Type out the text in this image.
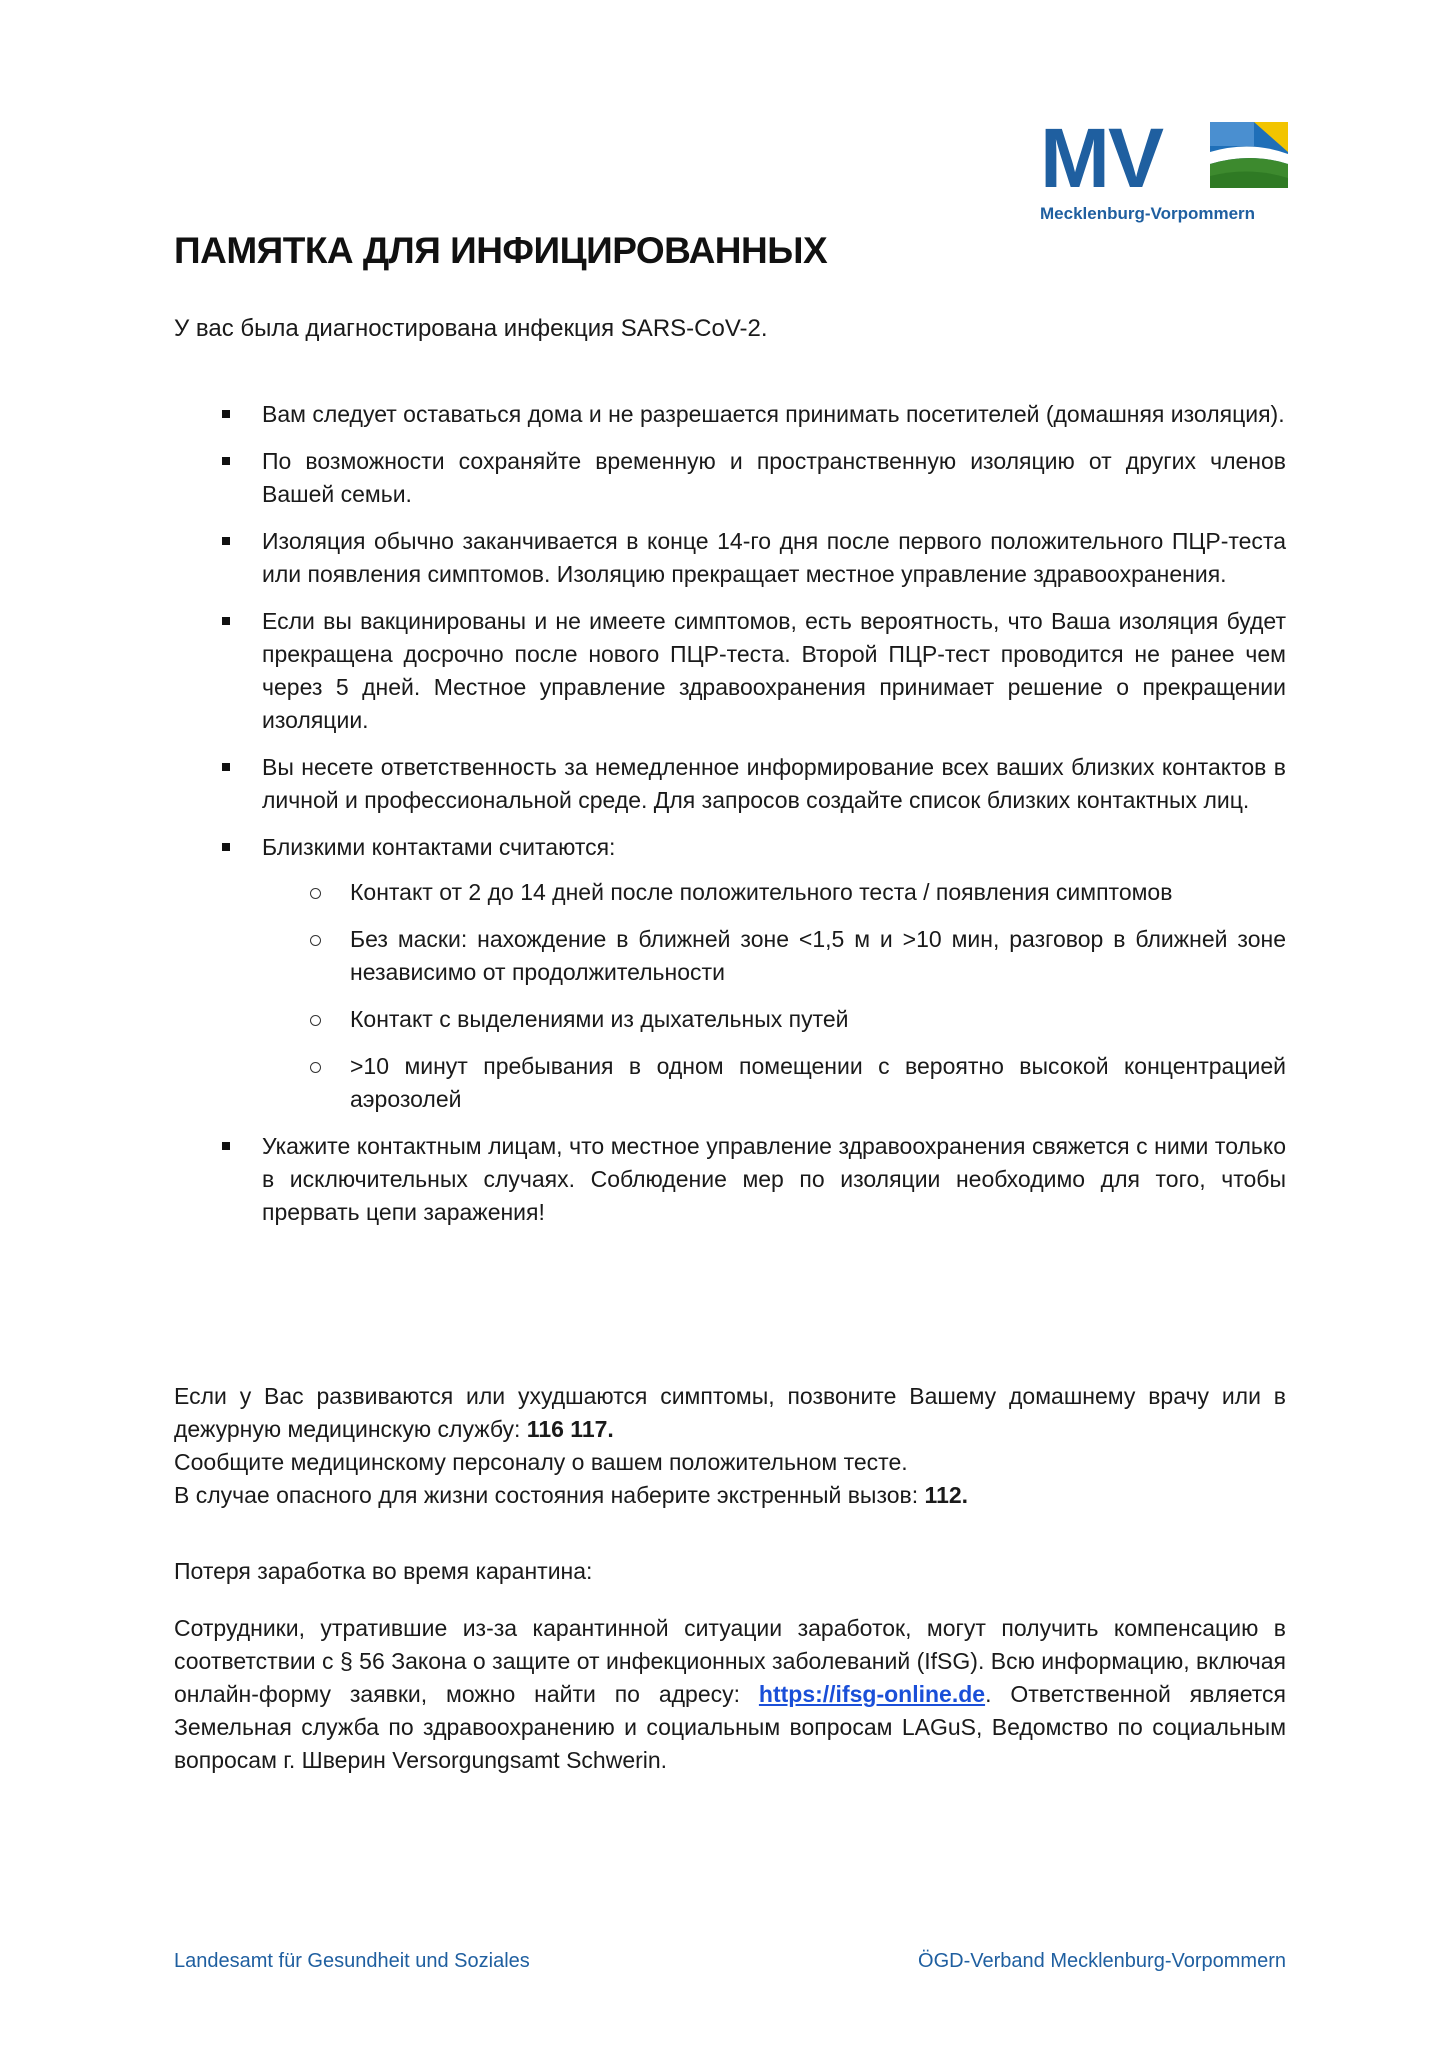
MV
Mecklenburg-Vorpommern
ПАМЯТКА ДЛЯ ИНФИЦИРОВАННЫХ
У вас была диагностирована инфекция SARS-CoV-2.
Вам следует оставаться дома и не разрешается принимать посетителей (домашняя изоляция).
По возможности сохраняйте временную и пространственную изоляцию от других членов Вашей семьи.
Изоляция обычно заканчивается в конце 14-го дня после первого положительного ПЦР-теста или появления симптомов. Изоляцию прекращает местное управление здравоохранения.
Если вы вакцинированы и не имеете симптомов, есть вероятность, что Ваша изоляция будет прекращена досрочно после нового ПЦР-теста. Второй ПЦР-тест проводится не ранее чем через 5 дней. Местное управление здравоохранения принимает решение о прекращении изоляции.
Вы несете ответственность за немедленное информирование всех ваших близких контактов в личной и профессиональной среде. Для запросов создайте список близких контактных лиц.
Близкими контактами считаются:
Контакт от 2 до 14 дней после положительного теста / появления симптомов
Без маски: нахождение в ближней зоне <1,5 м и >10 мин, разговор в ближней зоне независимо от продолжительности
Контакт с выделениями из дыхательных путей
>10 минут пребывания в одном помещении с вероятно высокой концентрацией аэрозолей
Укажите контактным лицам, что местное управление здравоохранения свяжется с ними только в исключительных случаях. Соблюдение мер по изоляции необходимо для того, чтобы прервать цепи заражения!

Если у Вас развиваются или ухудшаются симптомы, позвоните Вашему домашнему врачу или в дежурную медицинскую службу: 116 117.

Сообщите медицинскому персоналу о вашем положительном тесте.

В случае опасного для жизни состояния наберите экстренный вызов: 112.

Потеря заработка во время карантина:
Сотрудники, утратившие из-за карантинной ситуации заработок, могут получить компенсацию в соответствии с § 56 Закона о защите от инфекционных заболеваний (IfSG). Всю информацию, включая онлайн-форму заявки, можно найти по адресу: https://ifsg-online.de. Ответственной является Земельная служба по здравоохранению и социальным вопросам LAGuS, Ведомство по социальным вопросам г. Шверин Versorgungsamt Schwerin.
Landesamt für Gesundheit und Soziales	ÖGD-Verband Mecklenburg-Vorpommern
